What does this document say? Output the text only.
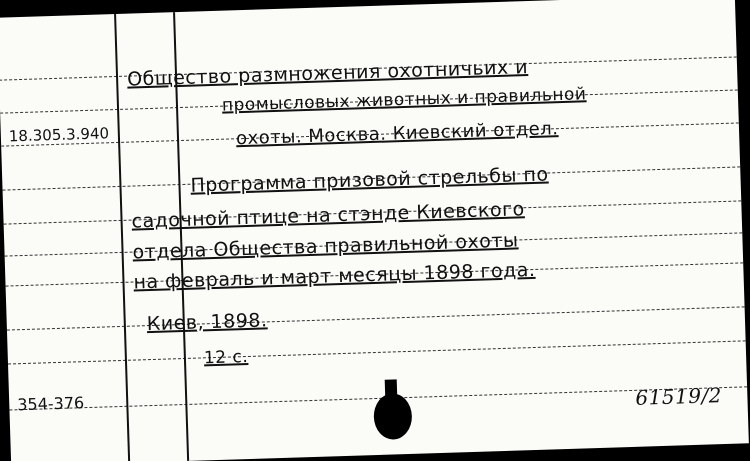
18.305.3.940
Общество размножения охотничьих и
промысловых животных и правильной
охоты. Москва. Киевский отдел.
Программа призовой стрельбы по
садочной птице на стэнде Киевского
отдела Общества правильной охоты
на февраль и март месяцы 1898 года.
Киев, 1898.
12 с.
354-376	61519/2
